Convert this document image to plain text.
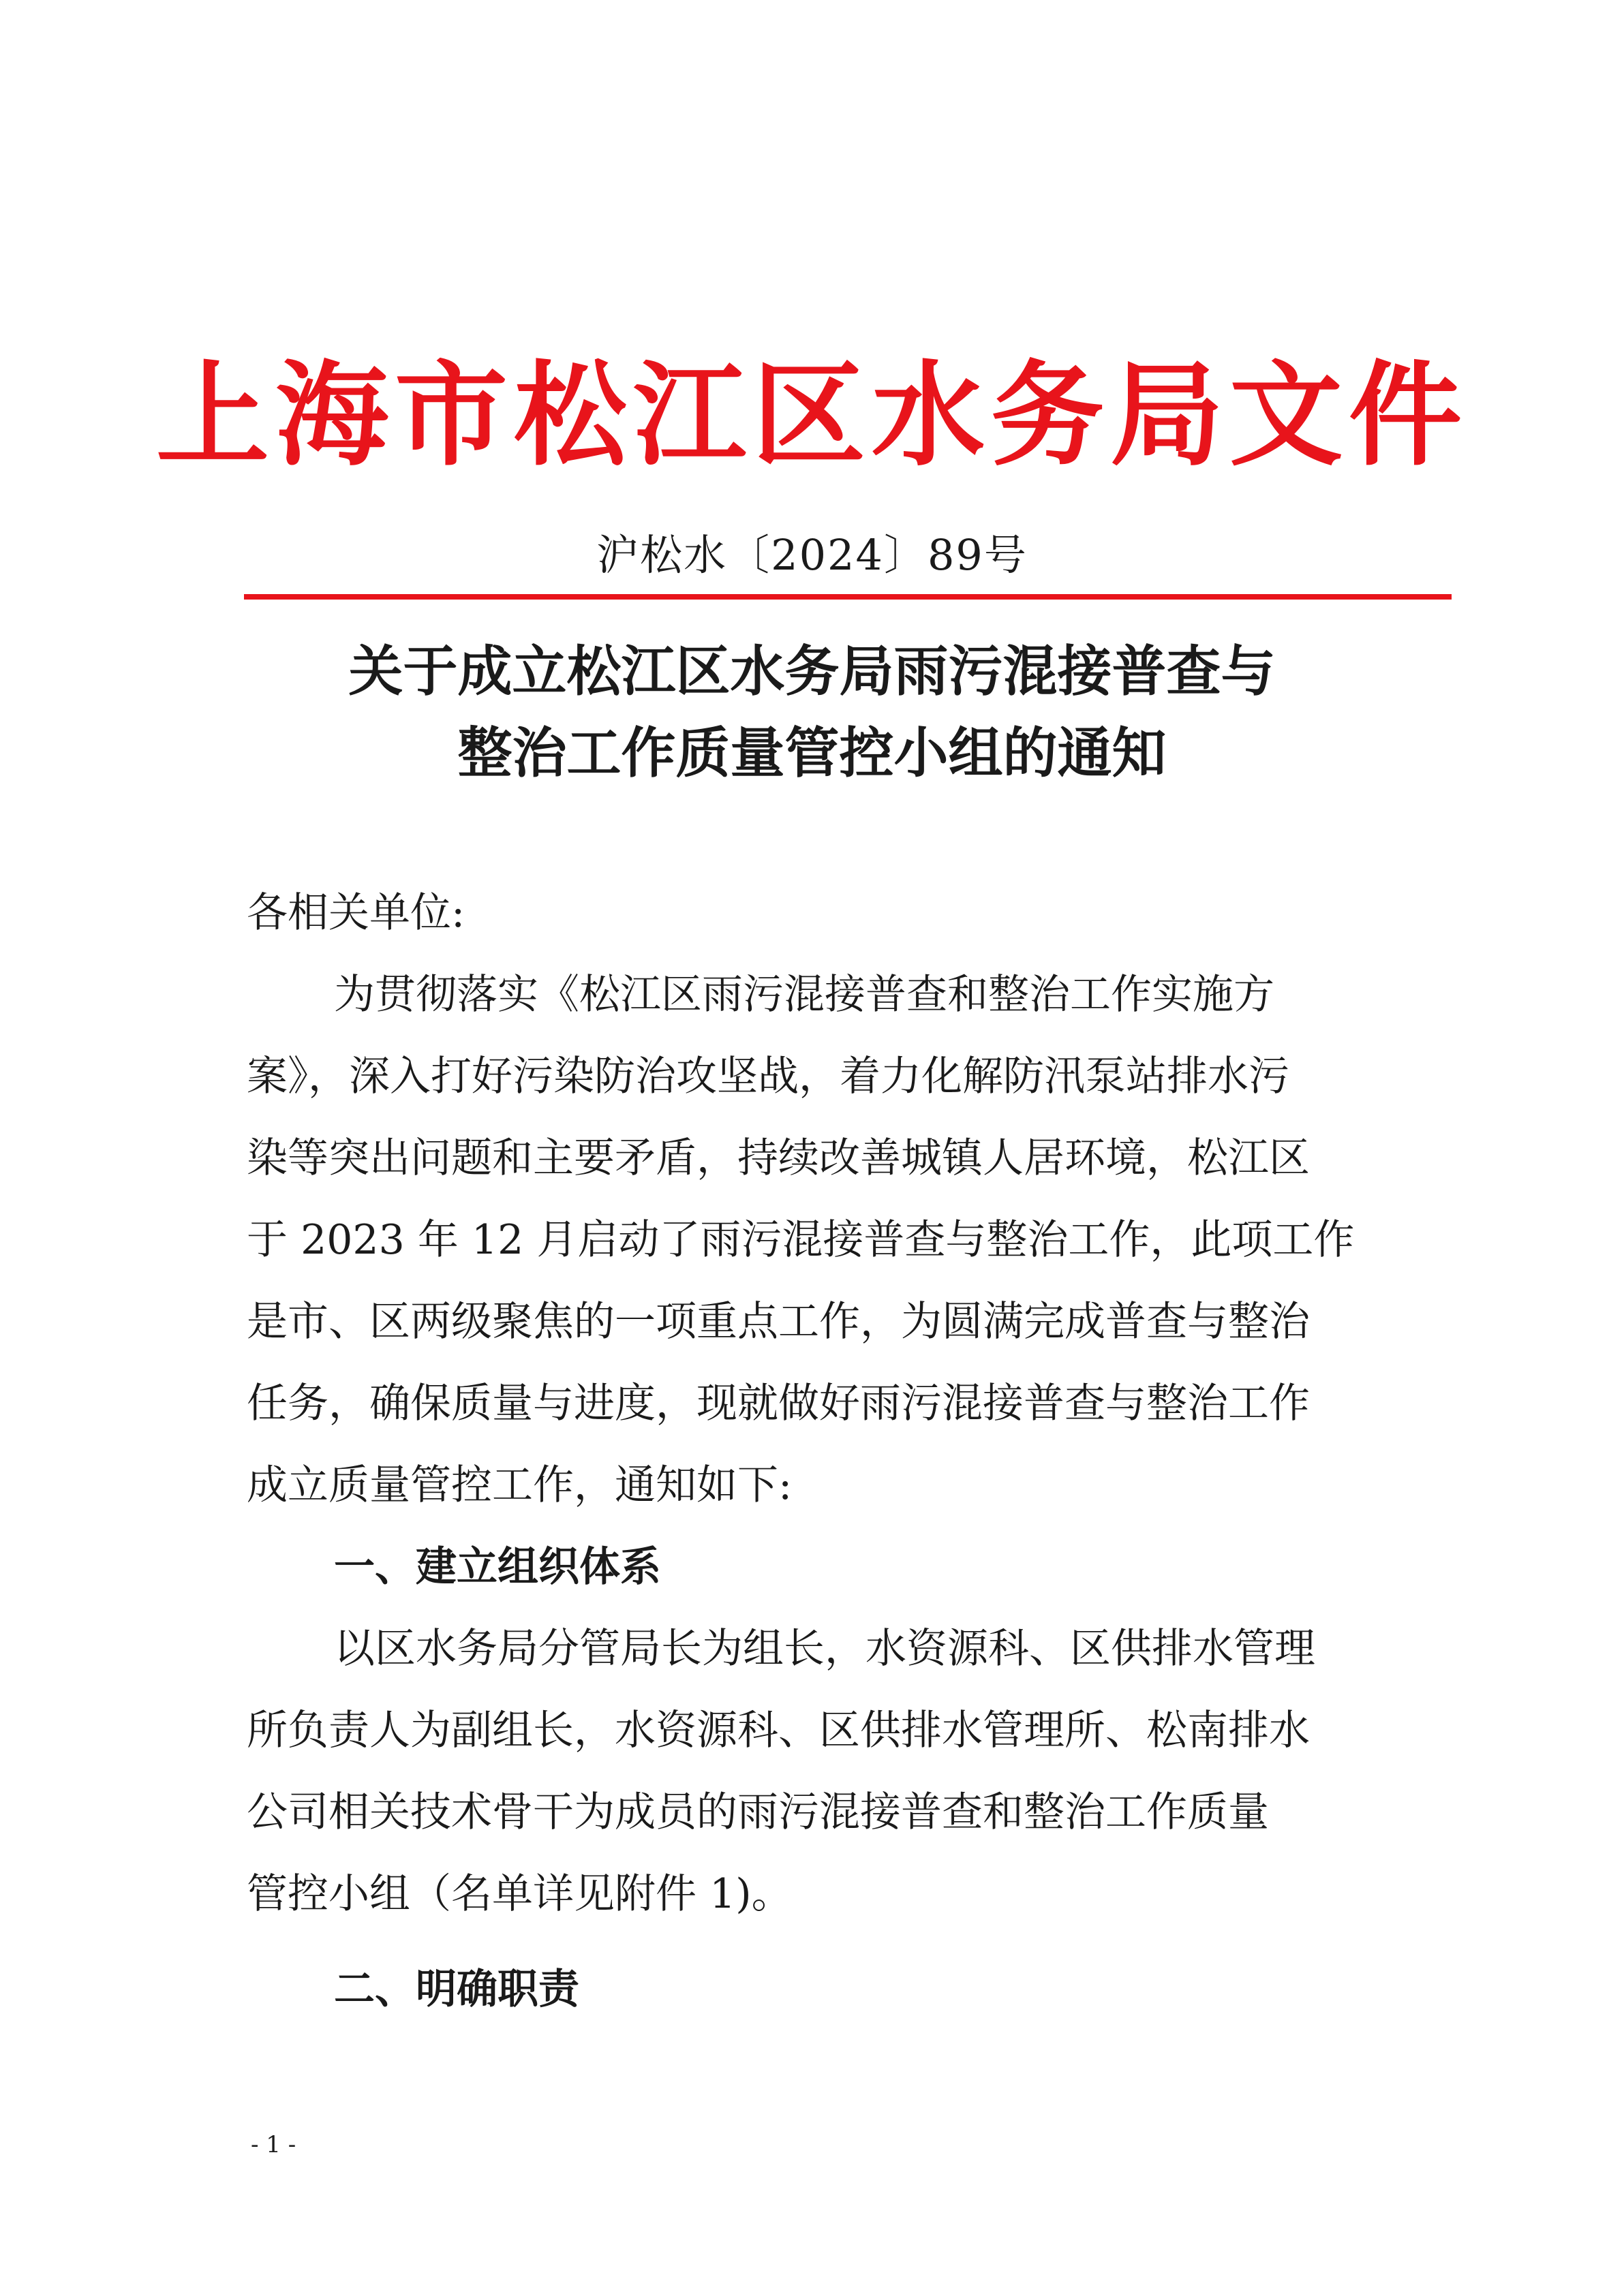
上海市松江区水务局文件
沪松水〔2024〕89号
关于成立松江区水务局雨污混接普查与
整治工作质量管控小组的通知
各相关单位:
为贯彻落实《松江区雨污混接普查和整治工作实施方
案》，深入打好污染防治攻坚战，着力化解防汛泵站排水污
染等突出问题和主要矛盾，持续改善城镇人居环境，松江区
于 2023 年 12 月启动了雨污混接普查与整治工作，此项工作
是市、区两级聚焦的一项重点工作，为圆满完成普查与整治
任务，确保质量与进度，现就做好雨污混接普查与整治工作
成立质量管控工作，通知如下:
一、建立组织体系
以区水务局分管局长为组长，水资源科、区供排水管理
所负责人为副组长，水资源科、区供排水管理所、松南排水
公司相关技术骨干为成员的雨污混接普查和整治工作质量
管控小组（名单详见附件 1)。
二、明确职责
- 1 -
